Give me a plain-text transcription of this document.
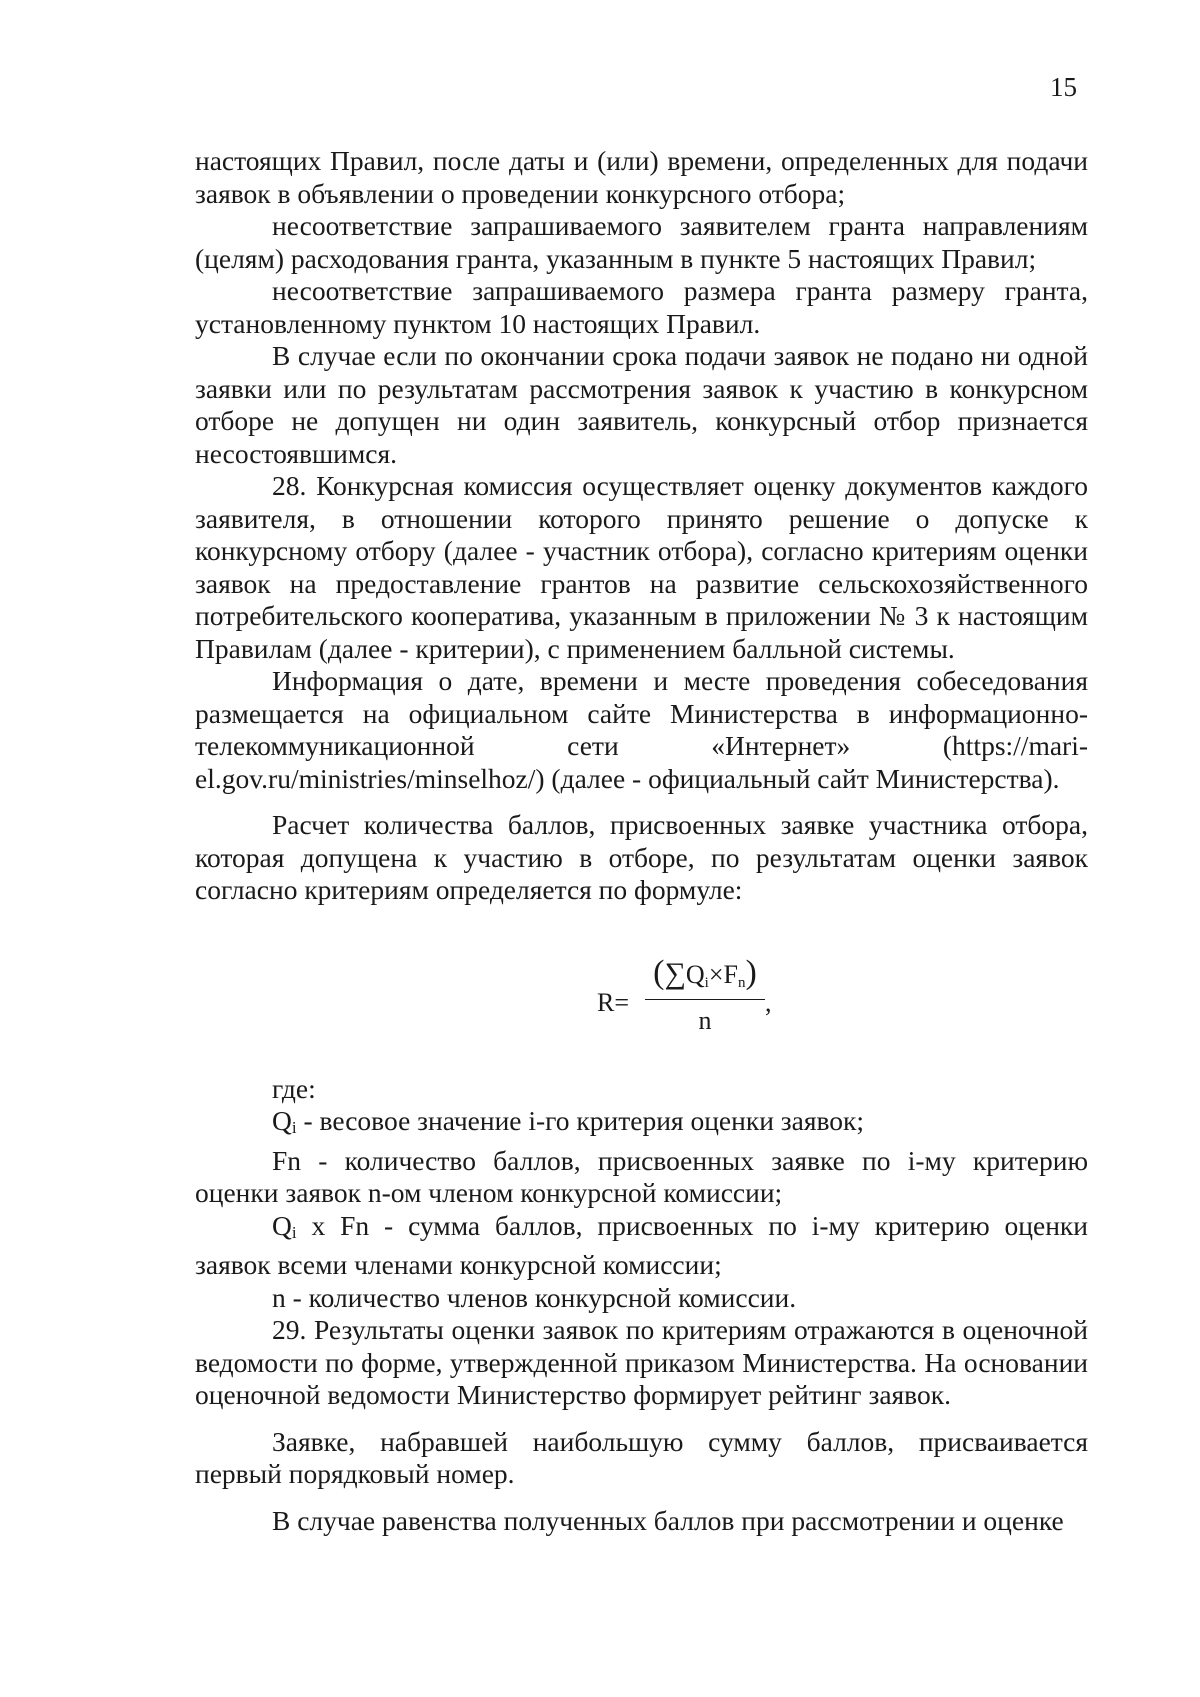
15

настоящих Правил, после даты и (или) времени, определенных для подачи заявок в объявлении о проведении конкурсного отбора;

несоответствие запрашиваемого заявителем гранта направлениям (целям) расходования гранта, указанным в пункте 5 настоящих Правил;

несоответствие запрашиваемого размера гранта размеру гранта, установленному пунктом 10 настоящих Правил.

В случае если по окончании срока подачи заявок не подано ни одной заявки или по результатам рассмотрения заявок к участию в конкурсном отборе не допущен ни один заявитель, конкурсный отбор признается несостоявшимся.

28. Конкурсная комиссия осуществляет оценку документов каждого заявителя, в отношении которого принято решение о допуске к конкурсному отбору (далее - участник отбора), согласно критериям оценки заявок на предоставление грантов на развитие сельскохозяйственного потребительского кооператива, указанным в приложении № 3 к настоящим Правилам (далее - критерии), с применением балльной системы.

Информация о дате, времени и месте проведения собеседования размещается на официальном сайте Министерства в информационно-телекоммуникационной сети «Интернет» (https://mari-el.gov.ru/ministries/minselhoz/) (далее - официальный сайт Министерства).

Расчет количества баллов, присвоенных заявке участника отбора, которая допущена к участию в отборе, по результатам оценки заявок согласно критериям определяется по формуле:

R=
(∑Qi×Fn)
n
,

где:

$Q_i$ - весовое значение i-го критерия оценки заявок;

Fn - количество баллов, присвоенных заявке по i-му критерию оценки заявок n-ом членом конкурсной комиссии;

$Q_i$ x Fn - сумма баллов, присвоенных по i-му критерию оценки заявок всеми членами конкурсной комиссии;

n - количество членов конкурсной комиссии.

29. Результаты оценки заявок по критериям отражаются в оценочной ведомости по форме, утвержденной приказом Министерства. На основании оценочной ведомости Министерство формирует рейтинг заявок.

Заявке, набравшей наибольшую сумму баллов, присваивается первый порядковый номер.

В случае равенства полученных баллов при рассмотрении и оценке
